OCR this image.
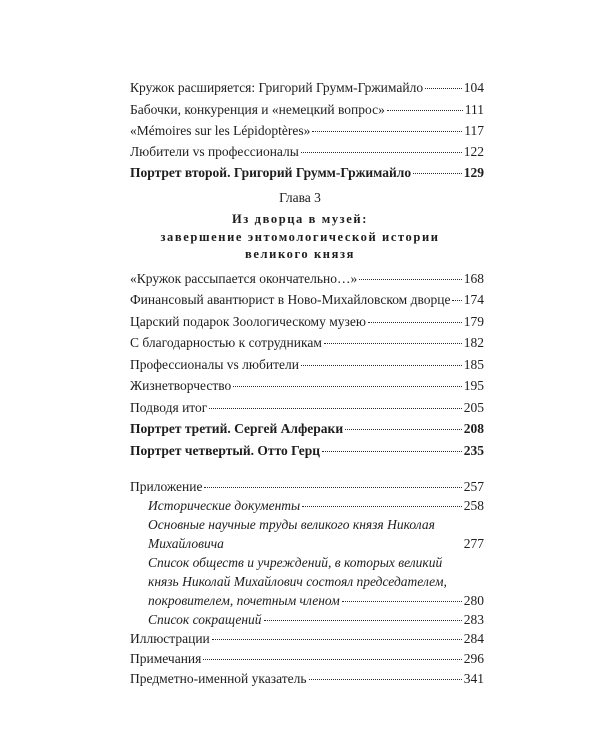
Кружок расширяется: Григорий Грумм-Гржимайло	104
Бабочки, конкуренция и «немецкий вопрос»	111
«Mémoires sur les Lépidoptères»	117
Любители vs профессионалы	122
Портрет второй. Григорий Грумм-Гржимайло	129
Глава 3
Из дворца в музей:
завершение энтомологической истории
великого князя
«Кружок рассыпается окончательно…»	168
Финансовый авантюрист в Ново-Михайловском дворце 174
Царский подарок Зоологическому музею	179
С благодарностью к сотрудникам	182
Профессионалы vs любители	185
Жизнетворчество	195
Подводя итог	205
Портрет третий. Сергей Алфераки	208
Портрет четвертый. Отто Герц	235
Приложение	257
Исторические документы	258
Основные научные труды великого князя Николая
Михайловича	277
Список обществ и учреждений, в которых великий
князь Николай Михайлович состоял председателем,
покровителем, почетным членом	280
Список сокращений	283
Иллюстрации	284
Примечания	296
Предметно-именной указатель	341
